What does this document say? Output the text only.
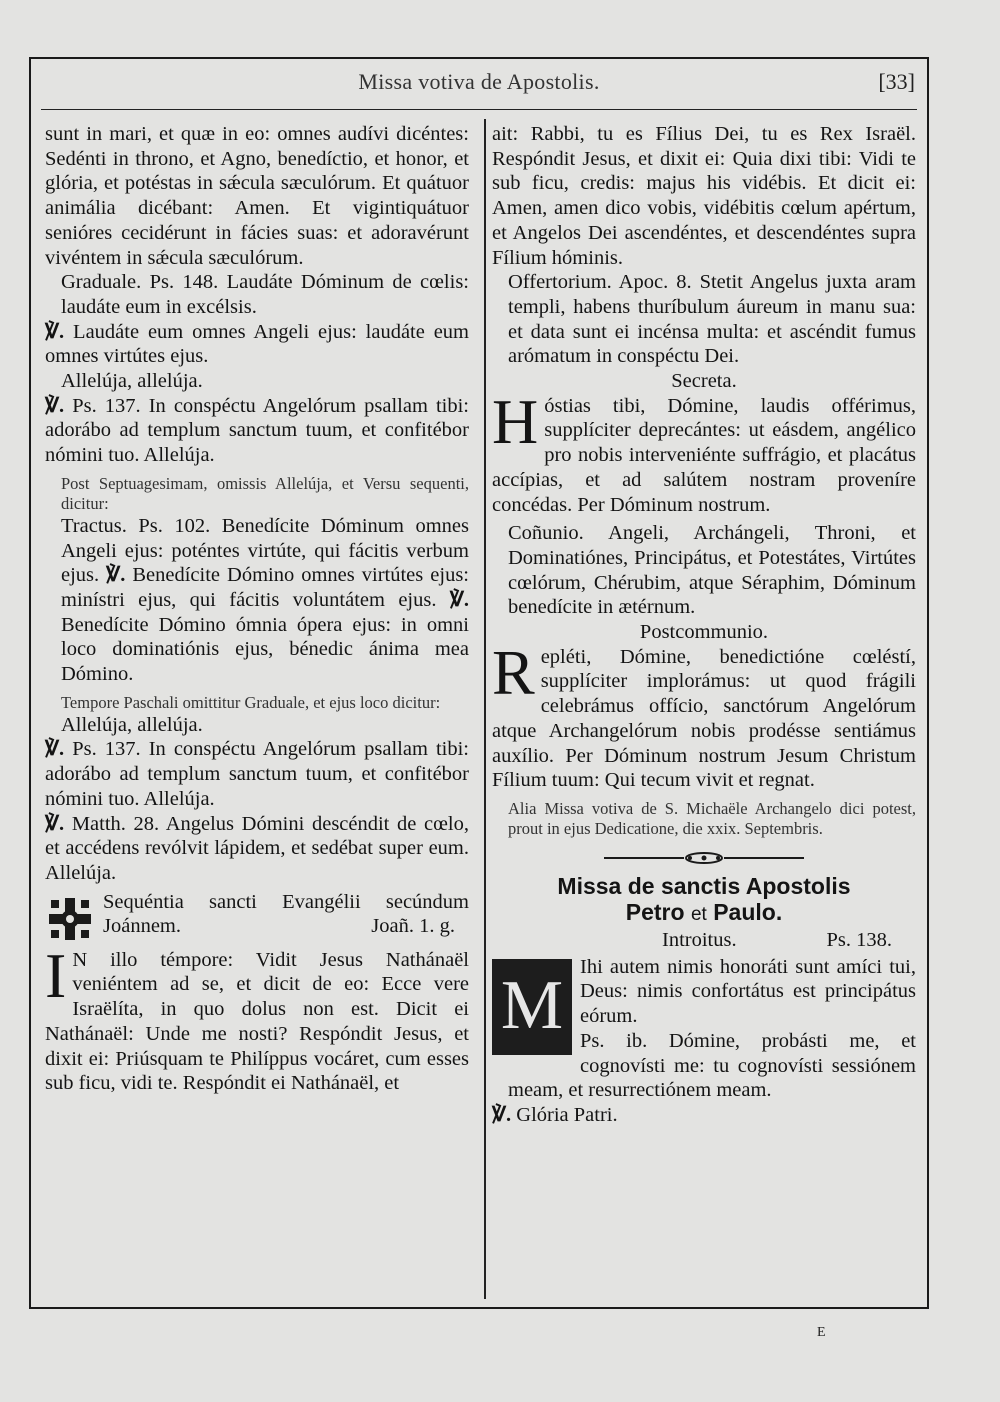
Missa votiva de Apostolis.	[33]

sunt in mari, et quæ in eo: omnes audívi dicéntes: Sedénti in throno, et Agno, benedíctio, et honor, et glória, et potéstas in sǽcula sæculórum. Et quátuor animália dicébant: Amen. Et vigintiquátuor senióres cecidérunt in fácies suas: et adoravérunt vivéntem in sǽcula sæculórum.

Graduale. Ps. 148. Laudáte Dóminum de cœlis: laudáte eum in excélsis.

℣. Laudáte eum omnes Angeli ejus: laudáte eum omnes virtútes ejus.

Allelúja, allelúja.

℣. Ps. 137. In conspéctu Angelórum psallam tibi: adorábo ad templum sanctum tuum, et confitébor nómini tuo. Allelúja.

Post Septuagesimam, omissis Allelúja, et Versu sequenti, dicitur:

Tractus. Ps. 102. Benedícite Dóminum omnes Angeli ejus: poténtes virtúte, qui fácitis verbum ejus. ℣. Benedícite Dómino omnes virtútes ejus: minístri ejus, qui fácitis voluntátem ejus. ℣. Benedícite Dómino ómnia ópera ejus: in omni loco dominatiónis ejus, bénedic ánima mea Dómino.

Tempore Paschali omittitur Graduale, et ejus loco dicitur:

Allelúja, allelúja.

℣. Ps. 137. In conspéctu Angelórum psallam tibi: adorábo ad templum sanctum tuum, et confitébor nómini tuo. Allelúja.

℣. Matth. 28. Angelus Dómini descéndit de cœlo, et accédens revólvit lápidem, et sedébat super eum. Allelúja.

Sequéntia sancti Evangélii secúndum Joánnem.	Joañ. 1. g.

I N illo témpore: Vidit Jesus Nathánaël veniéntem ad se, et dicit de eo: Ecce vere Israëlíta, in quo dolus non est. Dicit ei Nathánaël: Unde me nosti? Respóndit Jesus, et dixit ei: Priúsquam te Philíppus vocáret, cum esses sub ficu, vidi te. Respóndit ei Nathánaël, et

ait: Rabbi, tu es Fílius Dei, tu es Rex Israël. Respóndit Jesus, et dixit ei: Quia dixi tibi: Vidi te sub ficu, credis: majus his vidébis. Et dicit ei: Amen, amen dico vobis, vidébitis cœlum apértum, et Angelos Dei ascendéntes, et descendéntes supra Fílium hóminis.

Offertorium. Apoc. 8. Stetit Angelus juxta aram templi, habens thuríbulum áureum in manu sua: et data sunt ei incénsa multa: et ascéndit fumus arómatum in conspéctu Dei.

Secreta.

Hóstias tibi, Dómine, laudis offérimus, supplíciter deprecántes: ut eásdem, angélico pro nobis interveniénte suffrágio, et placátus accípias, et ad salútem nostram proveníre concédas. Per Dóminum nostrum.

Coñunio. Angeli, Archángeli, Throni, et Dominatiónes, Principátus, et Potestátes, Virtútes cœlórum, Chérubim, atque Séraphim, Dóminum benedícite in ætérnum.

Postcommunio.

Repléti, Dómine, benedictióne cœléstí, supplíciter implorámus: ut quod frágili celebrámus offício, sanctórum Angelórum atque Archangelórum nobis prodésse sentiámus auxílio. Per Dóminum nostrum Jesum Christum Fílium tuum: Qui tecum vivit et regnat.

Alia Missa votiva de S. Michaële Archangelo dici potest, prout in ejus Dedicatione, die xxix. Septembris.

Missa de sanctis Apostolis
Petro et Paulo.
Introitus.	Ps. 138.

M Ihi autem nimis honoráti sunt amíci tui, Deus: nimis confortátus est principátus eórum.

Ps. ib. Dómine, probásti me, et cognovísti me: tu cognovísti sessiónem meam, et resurrectiónem meam.

℣. Glória Patri.

E
